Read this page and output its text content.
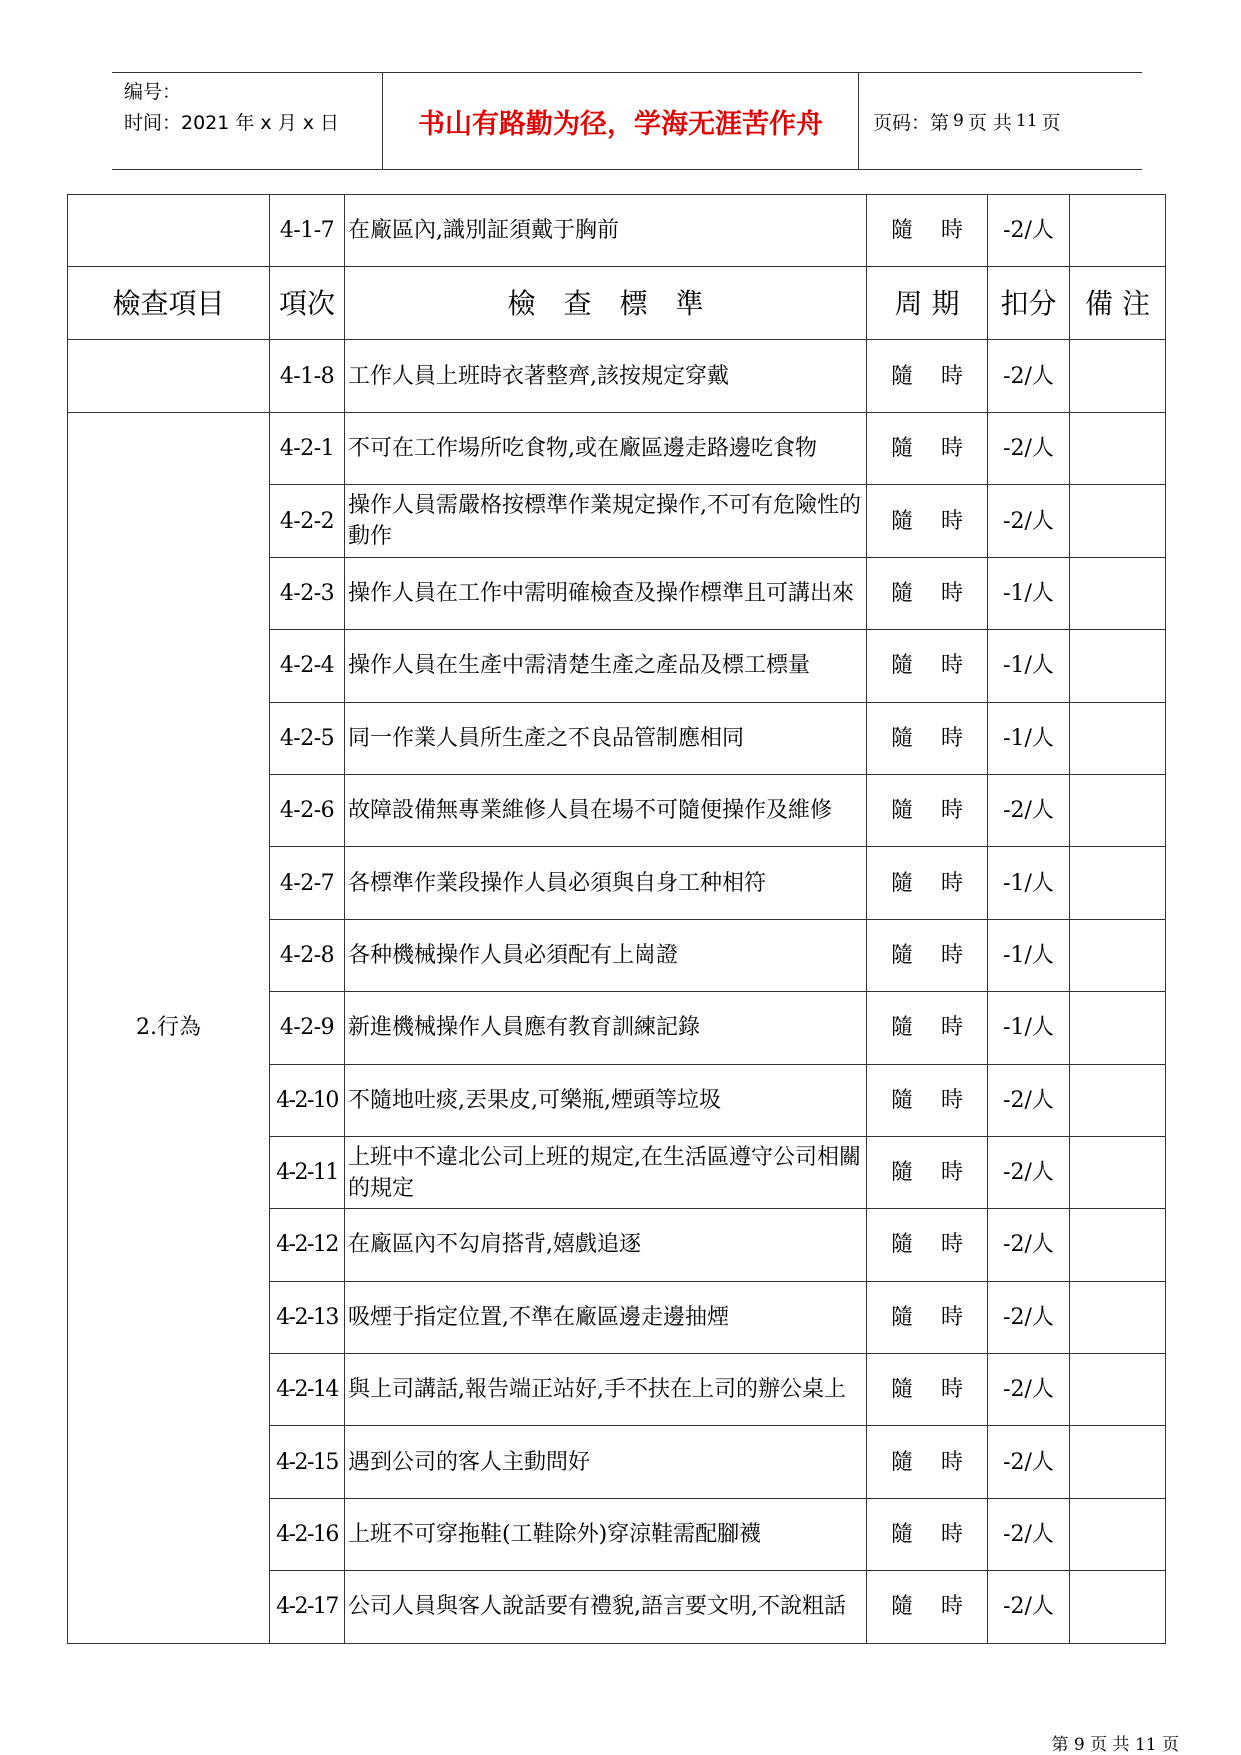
编号：
时间：2021 年 x 月 x 日	书山有路勤为径，学海无涯苦作舟	页码：第 9 页 共 11 页
	4-1-7	在廠區內,識別証須戴于胸前	隨 時	-2/人	
檢查項目	項次	檢　查　標　準	周 期	扣分	備 注
	4-1-8	工作人員上班時衣著整齊,該按規定穿戴	隨 時	-2/人	
2.行為	4-2-1	不可在工作場所吃食物,或在廠區邊走路邊吃食物	隨 時	-2/人	
	4-2-2	操作人員需嚴格按標準作業規定操作,不可有危險性的動作	隨 時	-2/人	
	4-2-3	操作人員在工作中需明確檢查及操作標準且可講出來	隨 時	-1/人	
	4-2-4	操作人員在生產中需清楚生產之產品及標工標量	隨 時	-1/人	
	4-2-5	同一作業人員所生產之不良品管制應相同	隨 時	-1/人	
	4-2-6	故障設備無專業維修人員在場不可隨便操作及維修	隨 時	-2/人	
	4-2-7	各標準作業段操作人員必須與自身工种相符	隨 時	-1/人	
	4-2-8	各种機械操作人員必須配有上崗證	隨 時	-1/人	
	4-2-9	新進機械操作人員應有教育訓練記錄	隨 時	-1/人	
	4-2-10	不隨地吐痰,丟果皮,可樂瓶,煙頭等垃圾	隨 時	-2/人	
	4-2-11	上班中不違北公司上班的規定,在生活區遵守公司相關的規定	隨 時	-2/人	
	4-2-12	在廠區內不勾肩搭背,嬉戲追逐	隨 時	-2/人	
	4-2-13	吸煙于指定位置,不準在廠區邊走邊抽煙	隨 時	-2/人	
	4-2-14	與上司講話,報告端正站好,手不扶在上司的辦公桌上	隨 時	-2/人	
	4-2-15	遇到公司的客人主動問好	隨 時	-2/人	
	4-2-16	上班不可穿拖鞋(工鞋除外)穿涼鞋需配腳襪	隨 時	-2/人	
	4-2-17	公司人員與客人說話要有禮貌,語言要文明,不說粗話	隨 時	-2/人	
第 9 页 共 11 页
